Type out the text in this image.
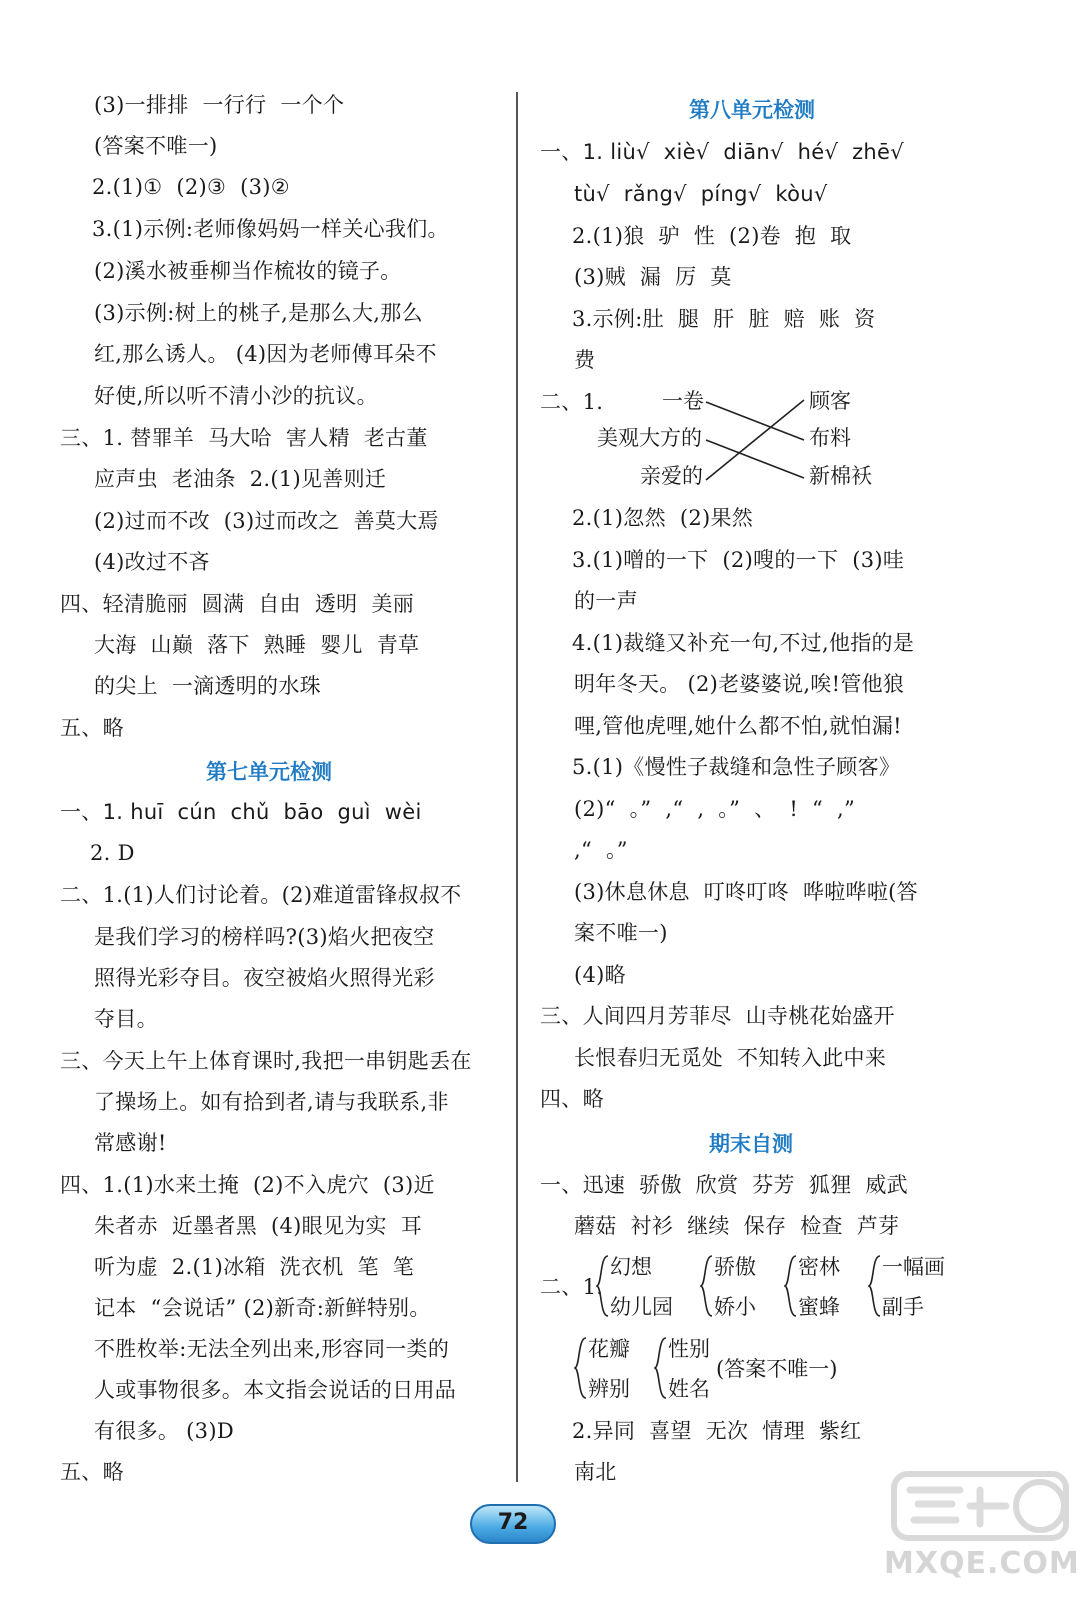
(3)一排排  一行行  一个个
(答案不唯一)
2.(1)①  (2)③  (3)②
3.(1)示例:老师像妈妈一样关心我们。
(2)溪水被垂柳当作梳妆的镜子。
(3)示例:树上的桃子,是那么大,那么
红,那么诱人。 (4)因为老师傅耳朵不
好使,所以听不清小沙的抗议。
三、1. 替罪羊  马大哈  害人精  老古董
应声虫  老油条  2.(1)见善则迁
(2)过而不改  (3)过而改之  善莫大焉
(4)改过不吝
四、轻清脆丽  圆满  自由  透明  美丽
大海  山巅  落下  熟睡  婴儿  青草
的尖上  一滴透明的水珠
五、略
第七单元检测
一、1. huī  cún  chǔ  bāo  guì  wèi
2. D
二、1.(1)人们讨论着。(2)难道雷锋叔叔不
是我们学习的榜样吗?(3)焰火把夜空
照得光彩夺目。夜空被焰火照得光彩
夺目。
三、今天上午上体育课时,我把一串钥匙丢在
了操场上。如有拾到者,请与我联系,非
常感谢!
四、1.(1)水来土掩  (2)不入虎穴  (3)近
朱者赤  近墨者黑  (4)眼见为实  耳
听为虚  2.(1)冰箱  洗衣机  笔  笔
记本  “会说话” (2)新奇:新鲜特别。
不胜枚举:无法全列出来,形容同一类的
人或事物很多。本文指会说话的日用品
有很多。 (3)D
五、略
第八单元检测
一、1. liù√  xiè√  diān√  hé√  zhē√
tù√  rǎng√  píng√  kòu√
2.(1)狼  驴  性  (2)卷  抱  取
(3)贼  漏  厉  莫
3.示例:肚  腿  肝  脏  赔  账  资
费
二、1.	一卷
美观大方的
亲爱的
顾客
布料
新棉袄
2.(1)忽然  (2)果然
3.(1)噌的一下  (2)嗖的一下  (3)哇
的一声
4.(1)裁缝又补充一句,不过,他指的是
明年冬天。 (2)老婆婆说,唉!管他狼
哩,管他虎哩,她什么都不怕,就怕漏!
5.(1)《慢性子裁缝和急性子顾客》
(2)“  。”  ,“  ,  。”  、  !  “  ,”
,“  。”
(3)休息休息  叮咚叮咚  哗啦哗啦(答
案不唯一)
(4)略
三、人间四月芳菲尽  山寺桃花始盛开
长恨春归无觅处  不知转入此中来
四、略
期末自测
一、迅速  骄傲  欣赏  芬芳  狐狸  威武
蘑菇  衬衫  继续  保存  检查  芦芽
二、1.
幻想
幼儿园
骄傲
娇小
密林
蜜蜂
一幅画
副手
花瓣
辨别
性别
姓名
(答案不唯一)
2.异同  喜望  无次  情理  紫红
南北
72
MXQE.COM
